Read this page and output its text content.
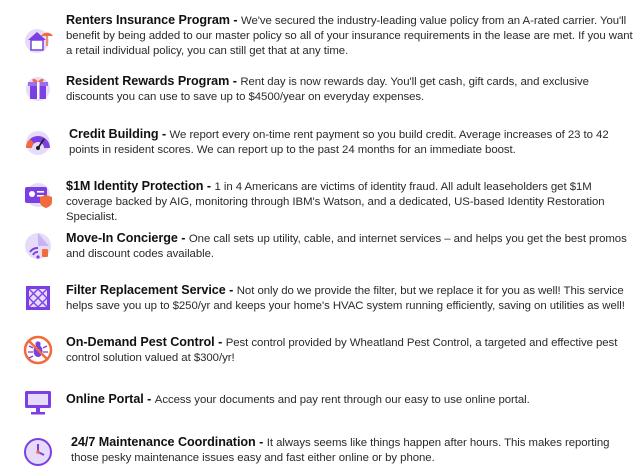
Renters Insurance Program - We've secured the industry-leading value policy from an A-rated carrier. You'll benefit by being added to our master policy so all of your insurance requirements in the lease are met. If you want a retail individual policy, you can still get that at any time.
Resident Rewards Program - Rent day is now rewards day. You'll get cash, gift cards, and exclusive discounts you can use to save up to $4500/year on everyday expenses.
Credit Building - We report every on-time rent payment so you build credit. Average increases of 23 to 42 points in resident scores. We can report up to the past 24 months for an immediate boost.
$1M Identity Protection - 1 in 4 Americans are victims of identity fraud. All adult leaseholders get $1M coverage backed by AIG, monitoring through IBM's Watson, and a dedicated, US-based Identity Restoration Specialist.
Move-In Concierge - One call sets up utility, cable, and internet services – and helps you get the best promos and discount codes available.
Filter Replacement Service - Not only do we provide the filter, but we replace it for you as well! This service helps save you up to $250/yr and keeps your home's HVAC system running efficiently, saving on utilities as well!
On-Demand Pest Control - Pest control provided by Wheatland Pest Control, a targeted and effective pest control solution valued at $300/yr!
Online Portal - Access your documents and pay rent through our easy to use online portal.
24/7 Maintenance Coordination - It always seems like things happen after hours. This makes reporting those pesky maintenance issues easy and fast either online or by phone.
